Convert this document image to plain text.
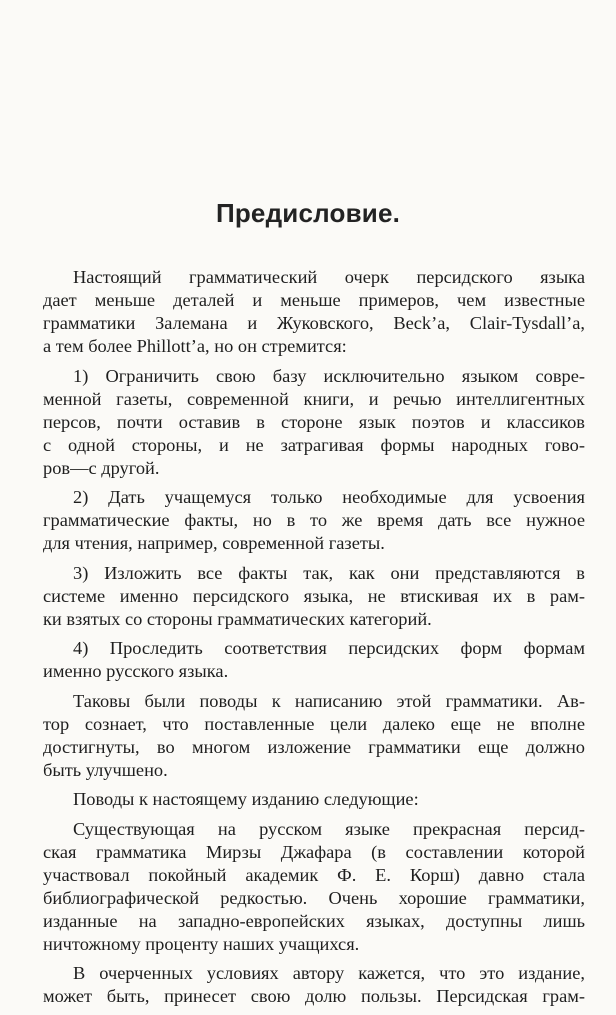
Предисловие.
Настоящий грамматический очерк персидского языка
дает меньше деталей и меньше примеров, чем известные
грамматики Залемана и Жуковского, Beck’a, Clair-Tysdall’a,
а тем более Phillott’a, но он стремится:
1) Ограничить свою базу исключительно языком совре-
менной газеты, современной книги, и речью интеллигентных
персов, почти оставив в стороне язык поэтов и классиков
с одной стороны, и не затрагивая формы народных гово-
ров—с другой.
2) Дать учащемуся только необходимые для усвоения
грамматические факты, но в то же время дать все нужное
для чтения, например, современной газеты.
3) Изложить все факты так, как они представляются в
системе именно персидского языка, не втискивая их в рам-
ки взятых со стороны грамматических категорий.
4) Проследить соответствия персидских форм формам
именно русского языка.
Таковы были поводы к написанию этой грамматики. Ав-
тор сознает, что поставленные цели далеко еще не вполне
достигнуты, во многом изложение грамматики еще должно
быть улучшено.
Поводы к настоящему изданию следующие:
Существующая на русском языке прекрасная персид-
ская грамматика Мирзы Джафара (в составлении которой
участвовал покойный академик Ф. Е. Корш) давно стала
библиографической редкостью. Очень хорошие грамматики,
изданные на западно-европейских языках, доступны лишь
ничтожному проценту наших учащихся.
В очерченных условиях автору кажется, что это издание,
может быть, принесет свою долю пользы. Персидская грам-
